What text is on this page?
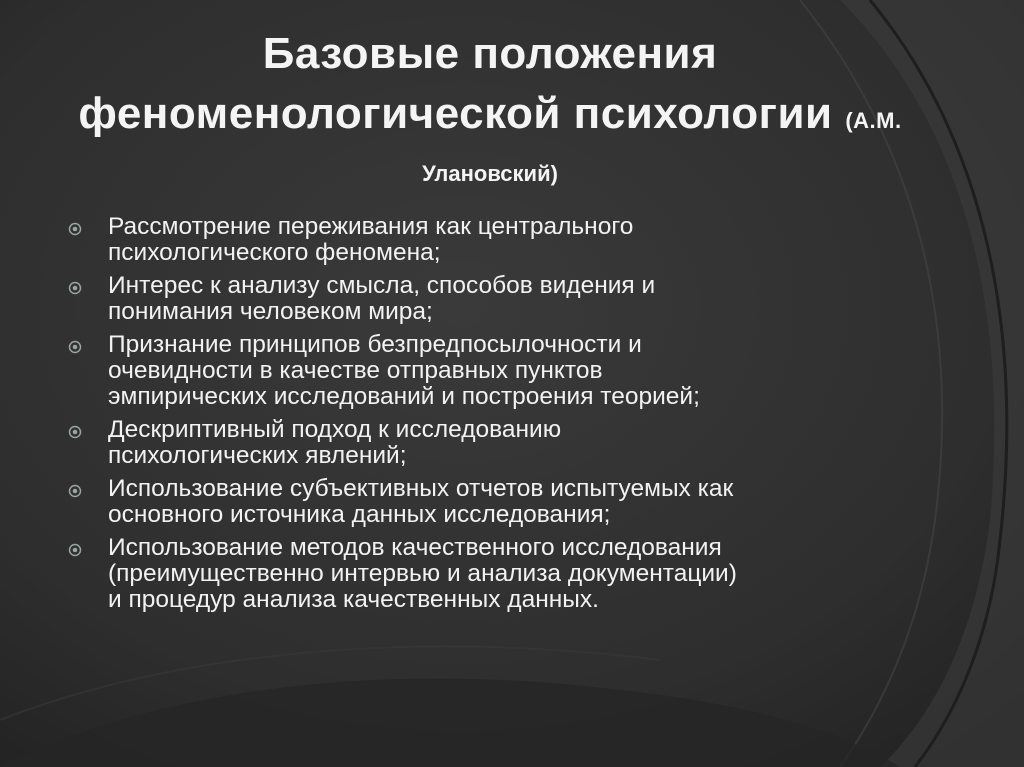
Базовые положения
феноменологической психологии (А.М.
Улановский)
Рассмотрение переживания как центрального
психологического феномена;
Интерес к анализу смысла, способов видения и
понимания человеком мира;
Признание принципов безпредпосылочности и
очевидности в качестве отправных пунктов
эмпирических исследований и построения теорией;
Дескриптивный подход к исследованию
психологических явлений;
Использование субъективных отчетов испытуемых как
основного источника данных исследования;
Использование методов качественного исследования
(преимущественно интервью и анализа документации)
и процедур анализа качественных данных.
